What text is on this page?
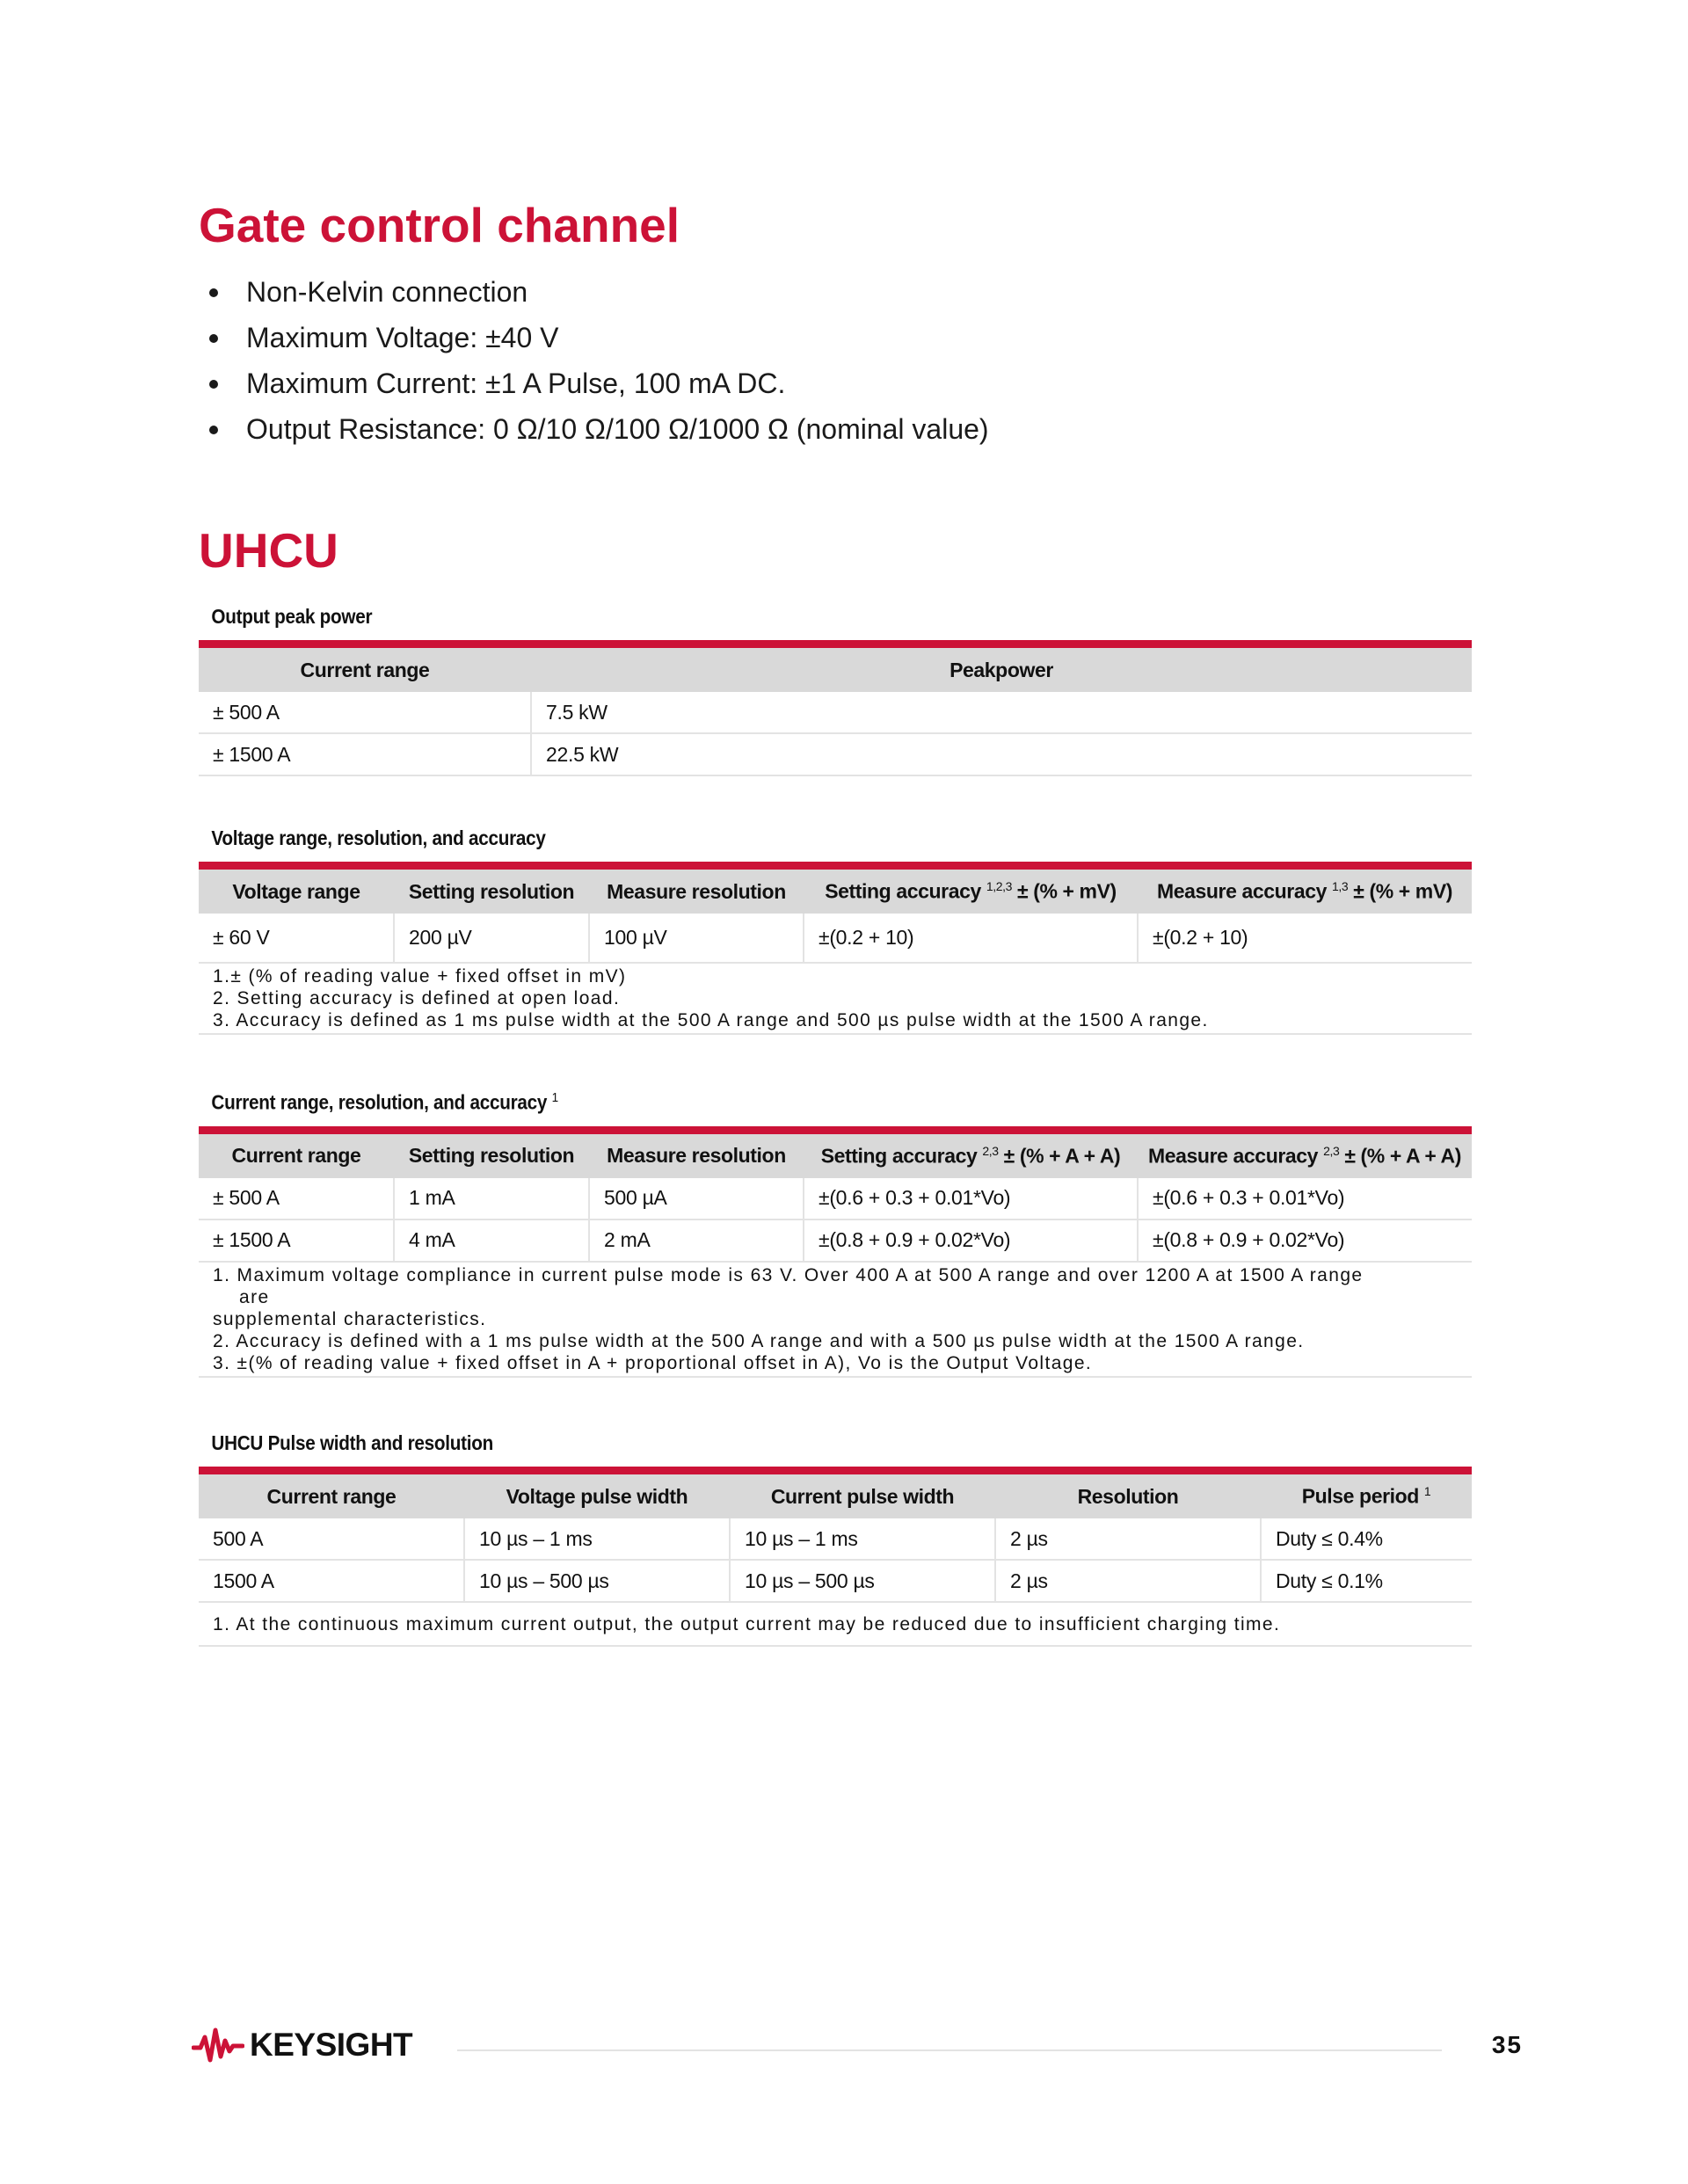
Gate control channel
Non-Kelvin connection
Maximum Voltage: ±40 V
Maximum Current: ±1 A Pulse, 100 mA DC.
Output Resistance: 0 Ω/10 Ω/100 Ω/1000 Ω (nominal value)
UHCU
Output peak power
Current range	Peakpower
± 500 A	7.5 kW
± 1500 A	22.5 kW
Voltage range, resolution, and accuracy
Voltage range	Setting resolution	Measure resolution	Setting accuracy $^{1,2,3}$ ± (% + mV)	Measure accuracy $^{1,3}$ ± (% + mV)
± 60 V	200 µV	100 µV	±(0.2 + 10)	±(0.2 + 10)

1.± (% of reading value + fixed offset in mV)
2. Setting accuracy is defined at open load.
3. Accuracy is defined as 1 ms pulse width at the 500 A range and 500 µs pulse width at the 1500 A range.				
Current range, resolution, and accuracy $^1$
Current range	Setting resolution	Measure resolution	Setting accuracy $^{2,3}$ ± (% + A + A)	Measure accuracy $^{2,3}$ ± (% + A + A)
± 500 A	1 mA	500 µA	±(0.6 + 0.3 + 0.01*Vo)	±(0.6 + 0.3 + 0.01*Vo)
± 1500 A	4 mA	2 mA	±(0.8 + 0.9 + 0.02*Vo)	±(0.8 + 0.9 + 0.02*Vo)

1. Maximum voltage compliance in current pulse mode is 63 V. Over 400 A at 500 A range and over 1200 A at 1500 A range
are
supplemental characteristics.
2. Accuracy is defined with a 1 ms pulse width at the 500 A range and with a 500 µs pulse width at the 1500 A range.
3. ±(% of reading value + fixed offset in A + proportional offset in A), Vo is the Output Voltage.				
UHCU Pulse width and resolution
Current range	Voltage pulse width	Current pulse width	Resolution	Pulse period $^1$
500 A	10 µs – 1 ms	10 µs – 1 ms	2 µs	Duty ≤ 0.4%
1500 A	10 µs – 500 µs	10 µs – 500 µs	2 µs	Duty ≤ 0.1%

1. At the continuous maximum current output, the output current may be reduced due to insufficient charging time.				
KEYSIGHT	35
